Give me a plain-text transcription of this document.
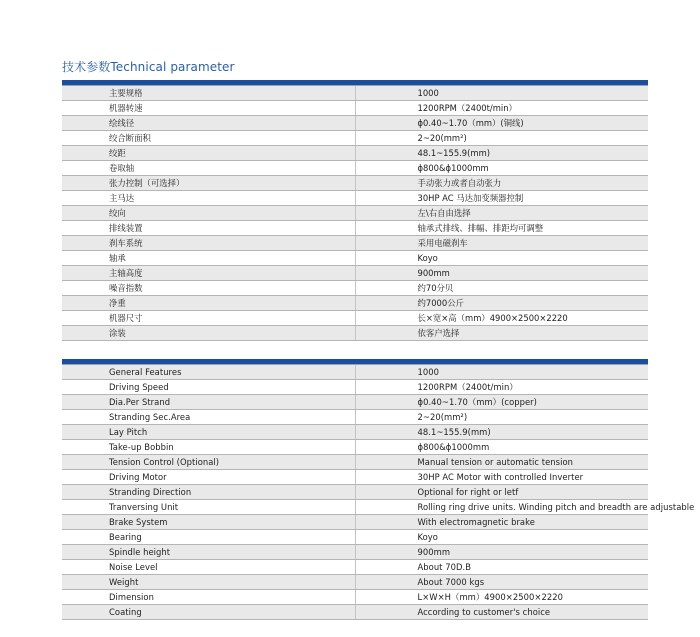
技术参数Technical parameter

主要规格	1000
机器转速	1200RPM（2400t/min）
绘线径	ϕ0.40~1.70（mm）(铜线)
绞合断面积	2~20(mm²)
绞距	48.1~155.9(mm)
卷取轴	ϕ800&ϕ1000mm
张力控制（可选择）	手动张力或者自动张力
主马达	30HP AC 马达加变频器控制
绞向	左\右自由选择
排线装置	轴承式排线、排幅、排距均可调整
刹车系统	采用电磁刹车
轴承	Koyo
主轴高度	900mm
噪音指数	约70分贝
净重	约7000公斤
机器尺寸	长×宽×高（mm）4900×2500×2220
涂装	依客户选择

General Features	1000
Driving Speed	1200RPM（2400t/min）
Dia.Per Strand	ϕ0.40~1.70（mm）(copper)
Stranding Sec.Area	2~20(mm²)
Lay Pitch	48.1~155.9(mm)
Take-up Bobbin	ϕ800&ϕ1000mm
Tension Control (Optional)	Manual tension or automatic tension
Driving Motor	30HP AC Motor with controlled Inverter
Stranding Direction	Optional for right or letf
Tranversing Unit	Rolling ring drive units. Winding pitch and breadth are adjustable
Brake System	With electromagnetic brake
Bearing	Koyo
Spindle height	900mm
Noise Level	About 70D.B
Weight	About 7000 kgs
Dimension	L×W×H（mm）4900×2500×2220
Coating	According to customer's choice
